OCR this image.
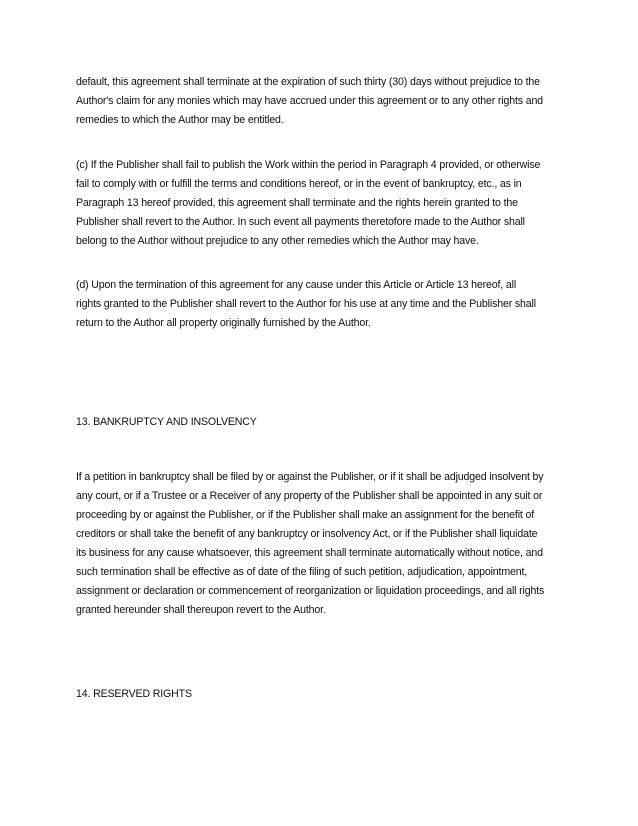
default, this agreement shall terminate at the expiration of such thirty (30) days without prejudice to the
Author's claim for any monies which may have accrued under this agreement or to any other rights and
remedies to which the Author may be entitled.
(c) If the Publisher shall fail to publish the Work within the period in Paragraph 4 provided, or otherwise
fail to comply with or fulfill the terms and conditions hereof, or in the event of bankruptcy, etc., as in
Paragraph 13 hereof provided, this agreement shall terminate and the rights herein granted to the
Publisher shall revert to the Author. In such event all payments theretofore made to the Author shall
belong to the Author without prejudice to any other remedies which the Author may have.
(d) Upon the termination of this agreement for any cause under this Article or Article 13 hereof, all
rights granted to the Publisher shall revert to the Author for his use at any time and the Publisher shall
return to the Author all property originally furnished by the Author.
13. BANKRUPTCY AND INSOLVENCY
If a petition in bankruptcy shall be filed by or against the Publisher, or if it shall be adjudged insolvent by
any court, or if a Trustee or a Receiver of any property of the Publisher shall be appointed in any suit or
proceeding by or against the Publisher, or if the Publisher shall make an assignment for the benefit of
creditors or shall take the benefit of any bankruptcy or insolvency Act, or if the Publisher shall liquidate
its business for any cause whatsoever, this agreement shall terminate automatically without notice, and
such termination shall be effective as of date of the filing of such petition, adjudication, appointment,
assignment or declaration or commencement of reorganization or liquidation proceedings, and all rights
granted hereunder shall thereupon revert to the Author.
14. RESERVED RIGHTS
